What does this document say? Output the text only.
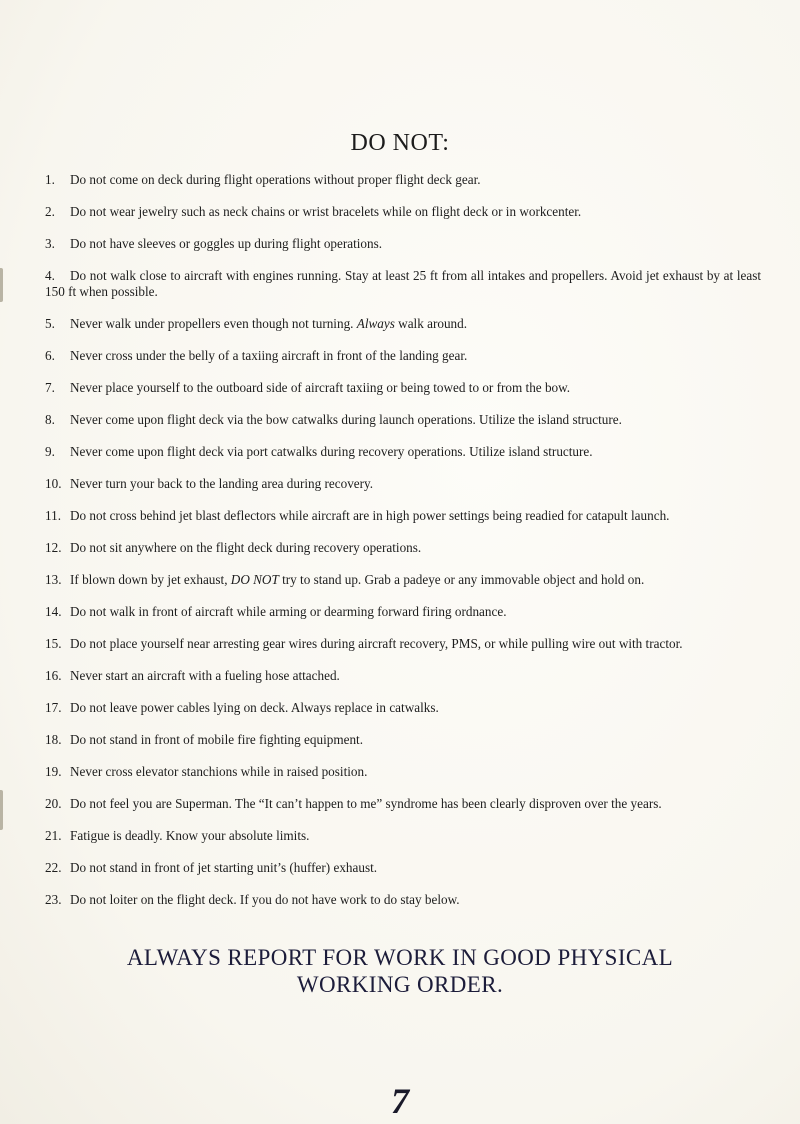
DO NOT:
1. Do not come on deck during flight operations without proper flight deck gear.
2. Do not wear jewelry such as neck chains or wrist bracelets while on flight deck or in workcenter.
3. Do not have sleeves or goggles up during flight operations.
4. Do not walk close to aircraft with engines running. Stay at least 25 ft from all intakes and propellers. Avoid jet exhaust by at least 150 ft when possible.
5. Never walk under propellers even though not turning. Always walk around.
6. Never cross under the belly of a taxiing aircraft in front of the landing gear.
7. Never place yourself to the outboard side of aircraft taxiing or being towed to or from the bow.
8. Never come upon flight deck via the bow catwalks during launch operations. Utilize the island structure.
9. Never come upon flight deck via port catwalks during recovery operations. Utilize island structure.
10. Never turn your back to the landing area during recovery.
11. Do not cross behind jet blast deflectors while aircraft are in high power settings being readied for catapult launch.
12. Do not sit anywhere on the flight deck during recovery operations.
13. If blown down by jet exhaust, DO NOT try to stand up. Grab a padeye or any immovable object and hold on.
14. Do not walk in front of aircraft while arming or dearming forward firing ordnance.
15. Do not place yourself near arresting gear wires during aircraft recovery, PMS, or while pulling wire out with tractor.
16. Never start an aircraft with a fueling hose attached.
17. Do not leave power cables lying on deck. Always replace in catwalks.
18. Do not stand in front of mobile fire fighting equipment.
19. Never cross elevator stanchions while in raised position.
20. Do not feel you are Superman. The “It can’t happen to me” syndrome has been clearly disproven over the years.
21. Fatigue is deadly. Know your absolute limits.
22. Do not stand in front of jet starting unit’s (huffer) exhaust.
23. Do not loiter on the flight deck. If you do not have work to do stay below.
ALWAYS REPORT FOR WORK IN GOOD PHYSICAL
WORKING ORDER.
7
